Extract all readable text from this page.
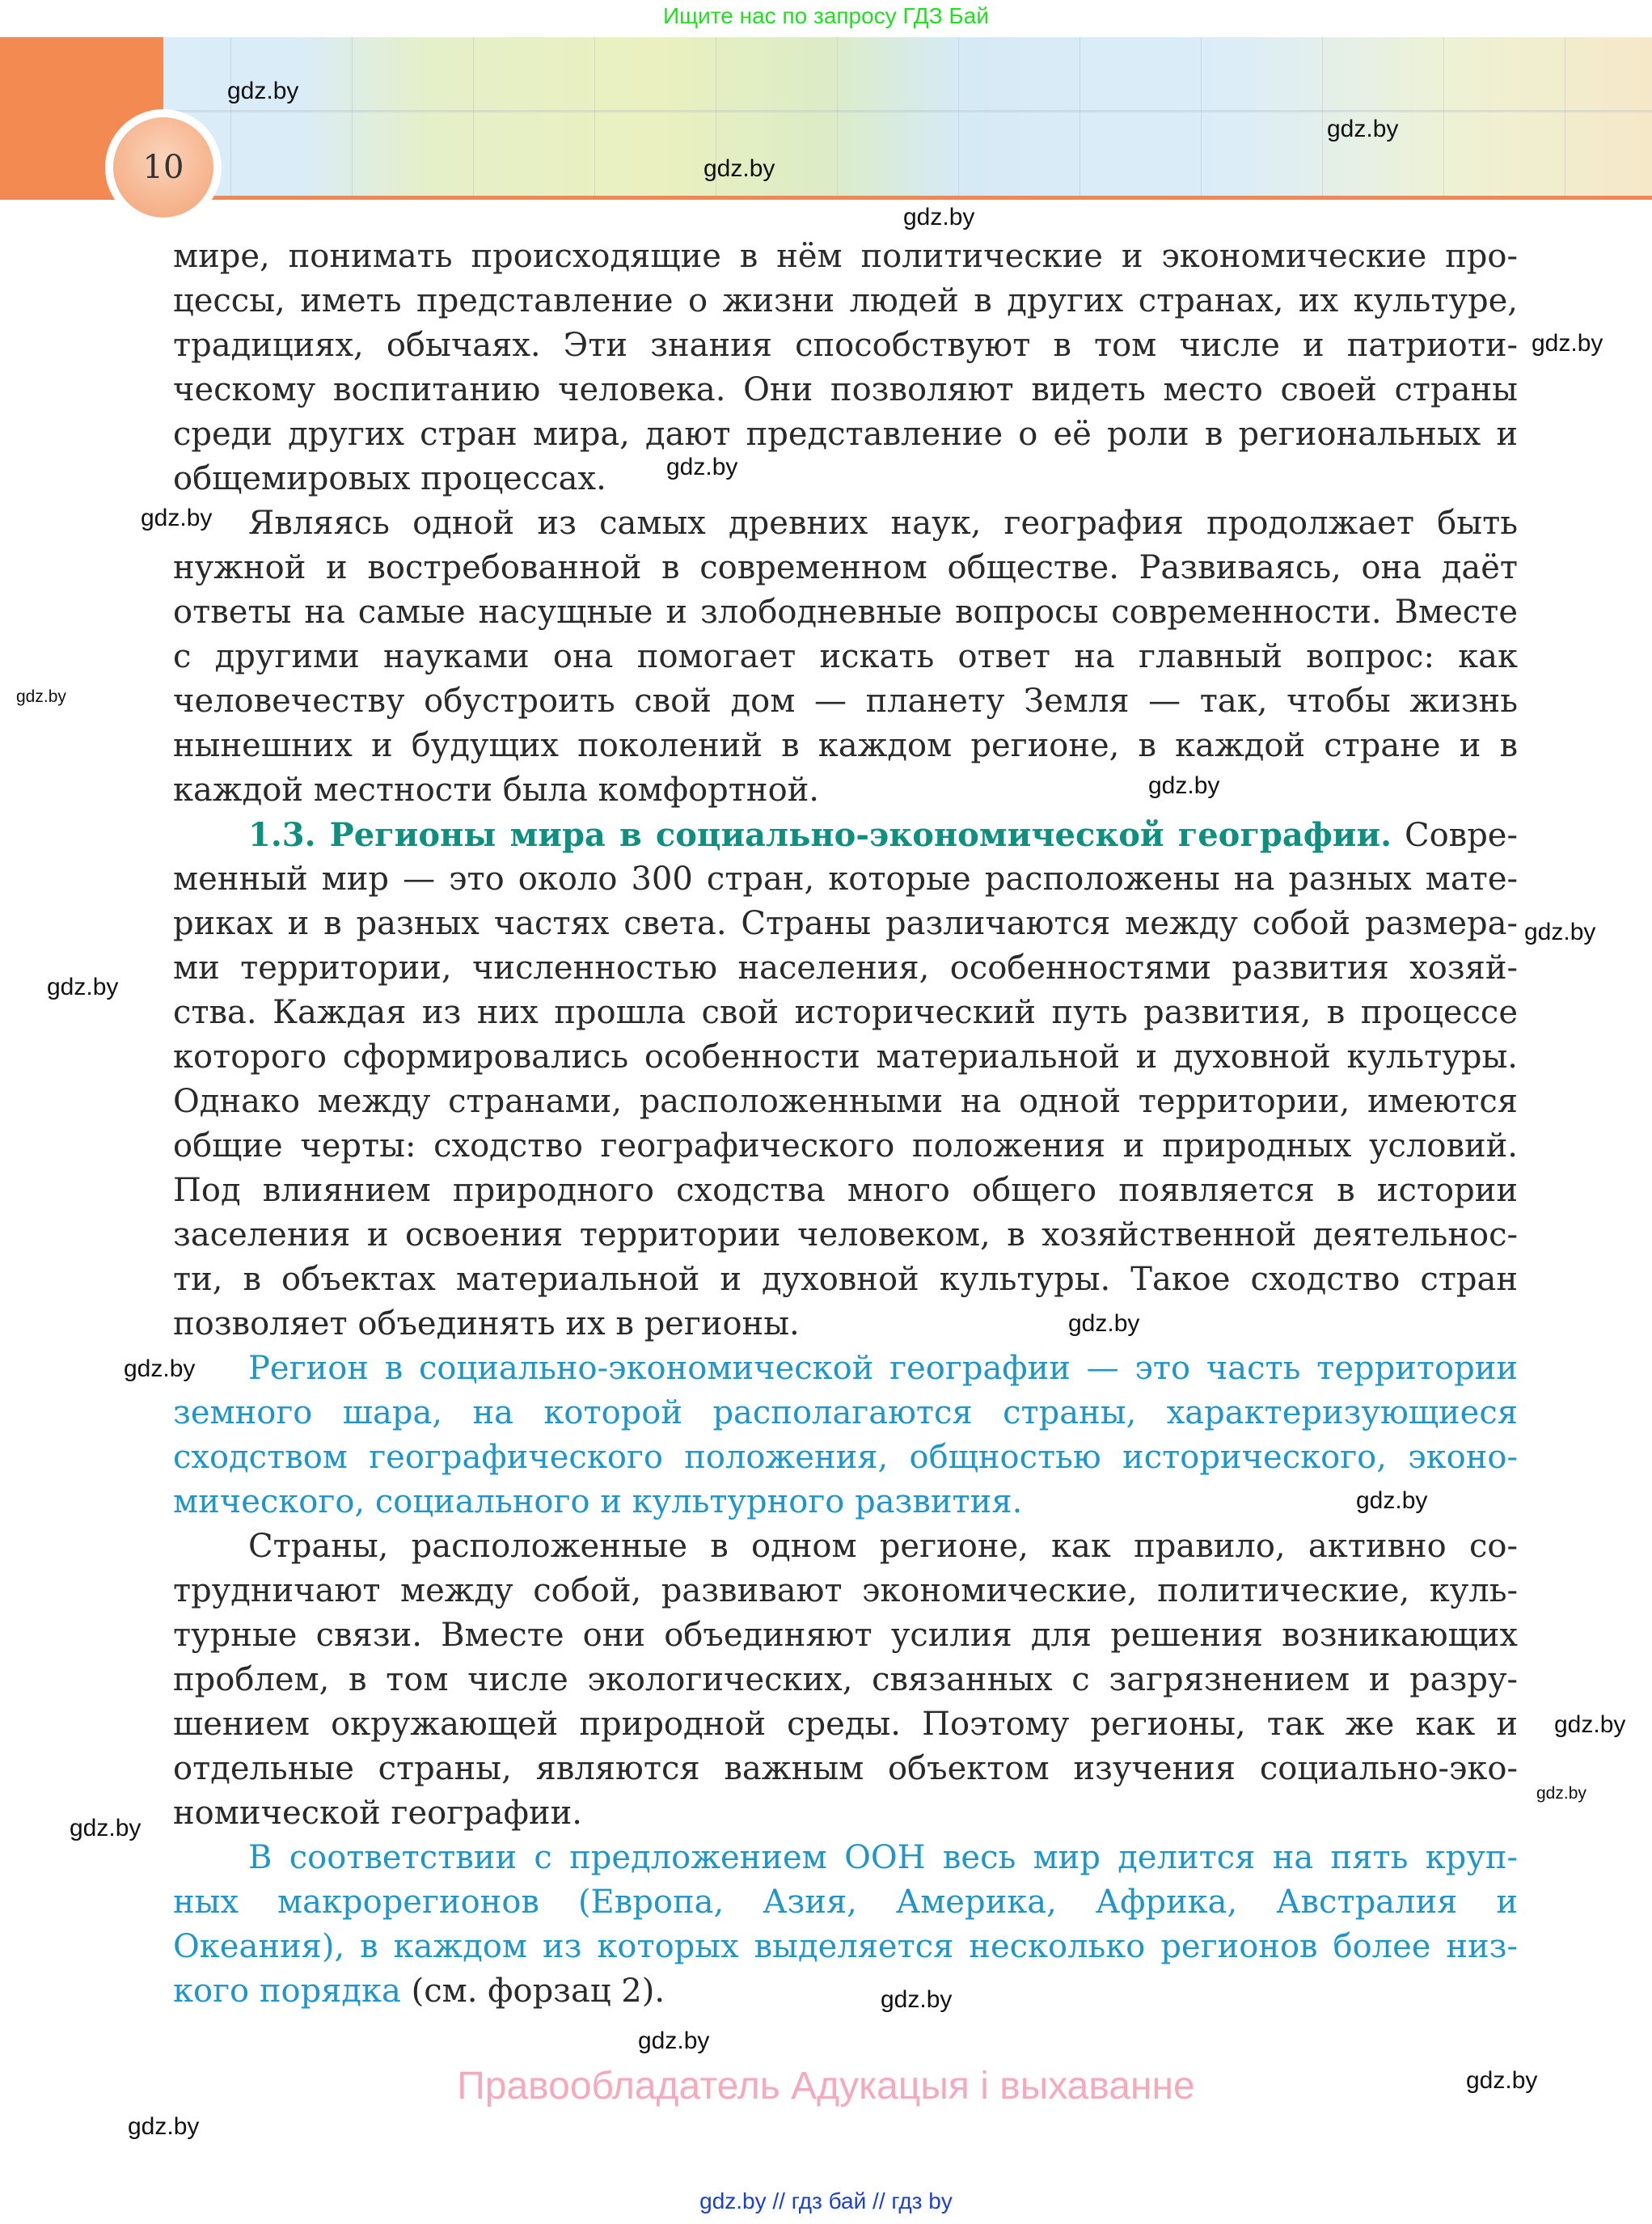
Ищите нас по запросу ГДЗ Бай
10
мире, понимать происходящие в нём политические и экономические про-
цессы, иметь представление о жизни людей в других странах, их культуре,
традициях, обычаях. Эти знания способствуют в том числе и патриоти-
ческому воспитанию человека. Они позволяют видеть место своей страны
среди других стран мира, дают представление о её роли в региональных и
общемировых процессах.
Являясь одной из самых древних наук, география продолжает быть
нужной и востребованной в современном обществе. Развиваясь, она даёт
ответы на самые насущные и злободневные вопросы современности. Вместе
с другими науками она помогает искать ответ на главный вопрос: как
человечеству обустроить свой дом — планету Земля — так, чтобы жизнь
нынешних и будущих поколений в каждом регионе, в каждой стране и в
каждой местности была комфортной.
1.3. Регионы мира в социально-экономической географии. Совре-
менный мир — это около 300 стран, которые расположены на разных мате-
риках и в разных частях света. Страны различаются между собой размера-
ми территории, численностью населения, особенностями развития хозяй-
ства. Каждая из них прошла свой исторический путь развития, в процессе
которого сформировались особенности материальной и духовной культуры.
Однако между странами, расположенными на одной территории, имеются
общие черты: сходство географического положения и природных условий.
Под влиянием природного сходства много общего появляется в истории
заселения и освоения территории человеком, в хозяйственной деятельнос-
ти, в объектах материальной и духовной культуры. Такое сходство стран
позволяет объединять их в регионы.
Регион в социально-экономической географии — это часть территории
земного шара, на которой располагаются страны, характеризующиеся
сходством географического положения, общностью исторического, эконо-
мического, социального и культурного развития.
Страны, расположенные в одном регионе, как правило, активно со-
трудничают между собой, развивают экономические, политические, куль-
турные связи. Вместе они объединяют усилия для решения возникающих
проблем, в том числе экологических, связанных с загрязнением и разру-
шением окружающей природной среды. Поэтому регионы, так же как и
отдельные страны, являются важным объектом изучения социально-эко-
номической географии.
В соответствии с предложением ООН весь мир делится на пять круп-
ных макрорегионов (Европа, Азия, Америка, Африка, Австралия и
Океания), в каждом из которых выделяется несколько регионов более низ-
кого порядка (см. форзац 2).
gdz.by
gdz.by
gdz.by
gdz.by
gdz.by
gdz.by
gdz.by
gdz.by
gdz.by
gdz.by
gdz.by
gdz.by
gdz.by
gdz.by
gdz.by
gdz.by
gdz.by
gdz.by
gdz.by
gdz.by
gdz.by
Правообладатель Адукацыя і выхаванне
gdz.by // гдз бай // гдз by
